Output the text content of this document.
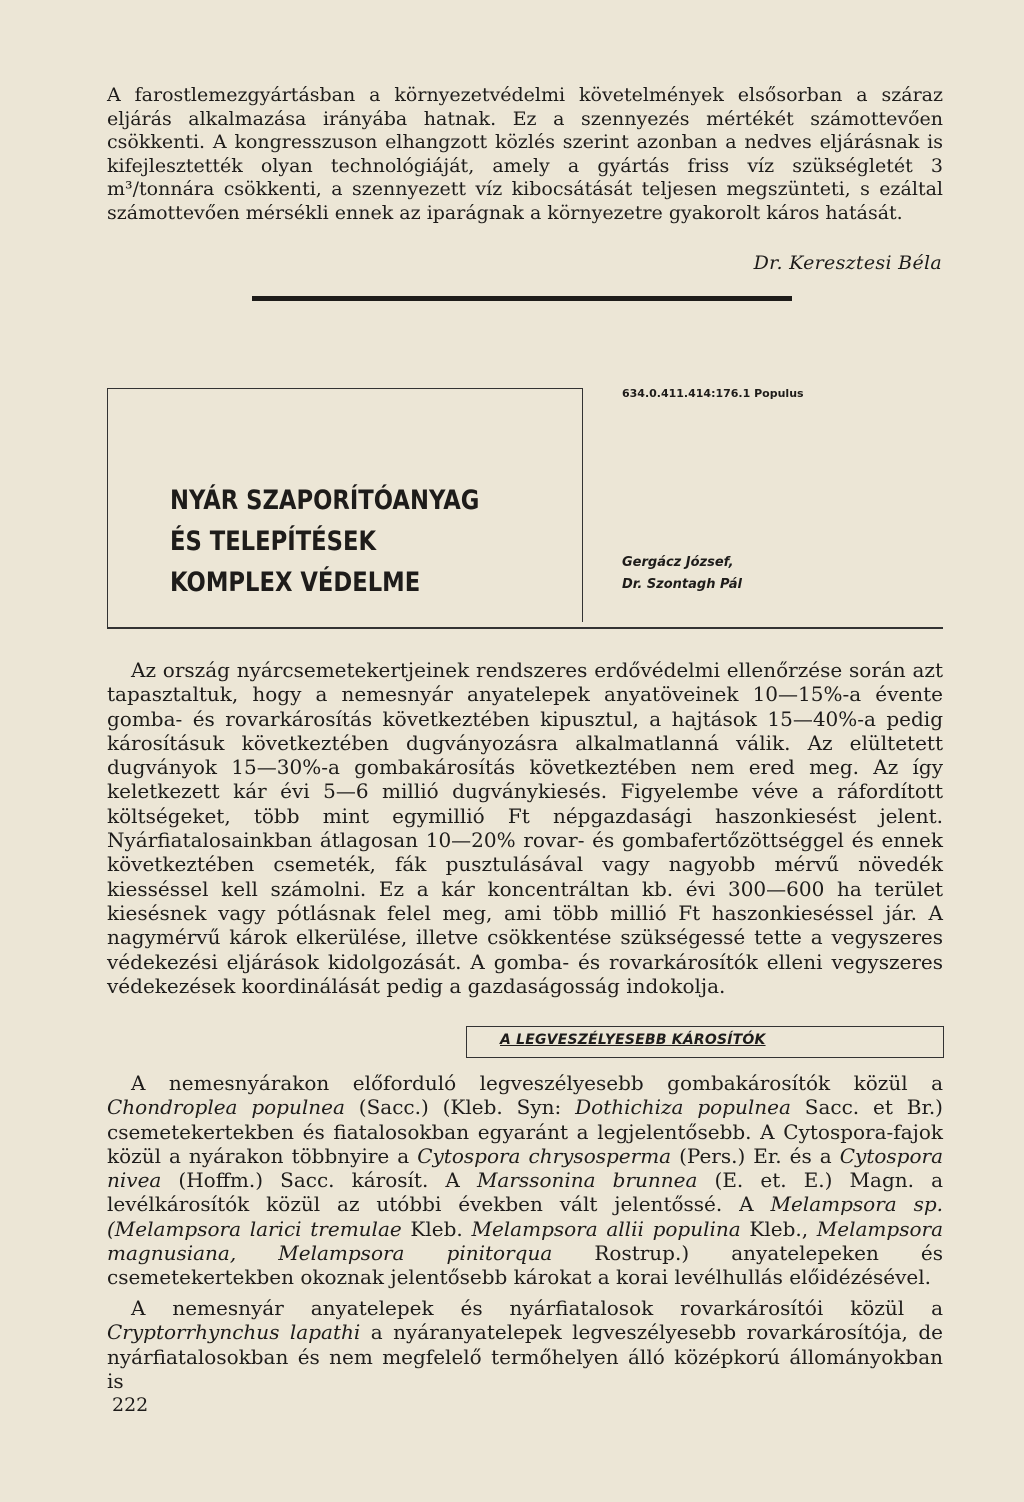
A farostlemezgyártásban a környezetvédelmi követelmények elsősorban a száraz eljárás alkalmazása irányába hatnak. Ez a szennyezés mértékét számottevően csökkenti. A kongresszuson elhangzott közlés szerint azonban a nedves eljárásnak is kifejlesztették olyan technológiáját, amely a gyártás friss víz szükségletét 3 m³/tonnára csökkenti, a szennyezett víz kibocsátását teljesen megszünteti, s ezáltal számottevően mérsékli ennek az iparágnak a környezetre gyakorolt káros hatását.

Dr. Keresztesi Béla
634.0.411.414:176.1 Populus
NYÁR SZAPORÍTÓANYAG
ÉS TELEPÍTÉSEK
KOMPLEX VÉDELME
Gergácz József,
Dr. Szontagh Pál

Az ország nyárcsemetekertjeinek rendszeres erdővédelmi ellenőrzése során azt tapasztaltuk, hogy a nemesnyár anyatelepek anyatöveinek 10—15%-a évente gomba- és rovarkárosítás következtében kipusztul, a hajtások 15—40%-a pedig károsításuk következtében dugványozásra alkalmatlanná válik. Az elültetett dugványok 15—30%-a gombakárosítás következtében nem ered meg. Az így keletkezett kár évi 5—6 millió dugványkiesés. Figyelembe véve a ráfordított költségeket, több mint egymillió Ft népgazdasági haszonkiesést jelent. Nyárfiatalosainkban átlagosan 10—20% rovar- és gombafertőzöttséggel és ennek következtében csemeték, fák pusztulásával vagy nagyobb mérvű növedék kiesséssel kell számolni. Ez a kár koncentráltan kb. évi 300—600 ha terület kiesésnek vagy pótlásnak felel meg, ami több millió Ft haszonkieséssel jár. A nagymérvű károk elkerülése, illetve csökkentése szükségessé tette a vegyszeres védekezési eljárások kidolgozását. A gomba- és rovarkárosítók elleni vegyszeres védekezések koordinálását pedig a gazdaságosság indokolja.

A LEGVESZÉLYESEBB KÁROSÍTÓK

A nemesnyárakon előforduló legveszélyesebb gombakárosítók közül a Chondroplea populnea (Sacc.) (Kleb. Syn: Dothichiza populnea Sacc. et Br.) csemetekertekben és fiatalosokban egyaránt a legjelentősebb. A Cytospora-fajok közül a nyárakon többnyire a Cytospora chrysosperma (Pers.) Er. és a Cytospora nivea (Hoffm.) Sacc. károsít. A Marssonina brunnea (E. et. E.) Magn. a levélkárosítók közül az utóbbi években vált jelentőssé. A Melampsora sp. (Melampsora larici tremulae Kleb. Melampsora allii populina Kleb., Melampsora magnusiana, Melampsora pinitorqua Rostrup.) anyatelepeken és csemetekertekben okoznak jelentősebb károkat a korai levélhullás előidézésével.

A nemesnyár anyatelepek és nyárfiatalosok rovarkárosítói közül a Cryptorrhynchus lapathi a nyáranyatelepek legveszélyesebb rovarkárosítója, de nyárfiatalosokban és nem megfelelő termőhelyen álló középkorú állományokban is

222
